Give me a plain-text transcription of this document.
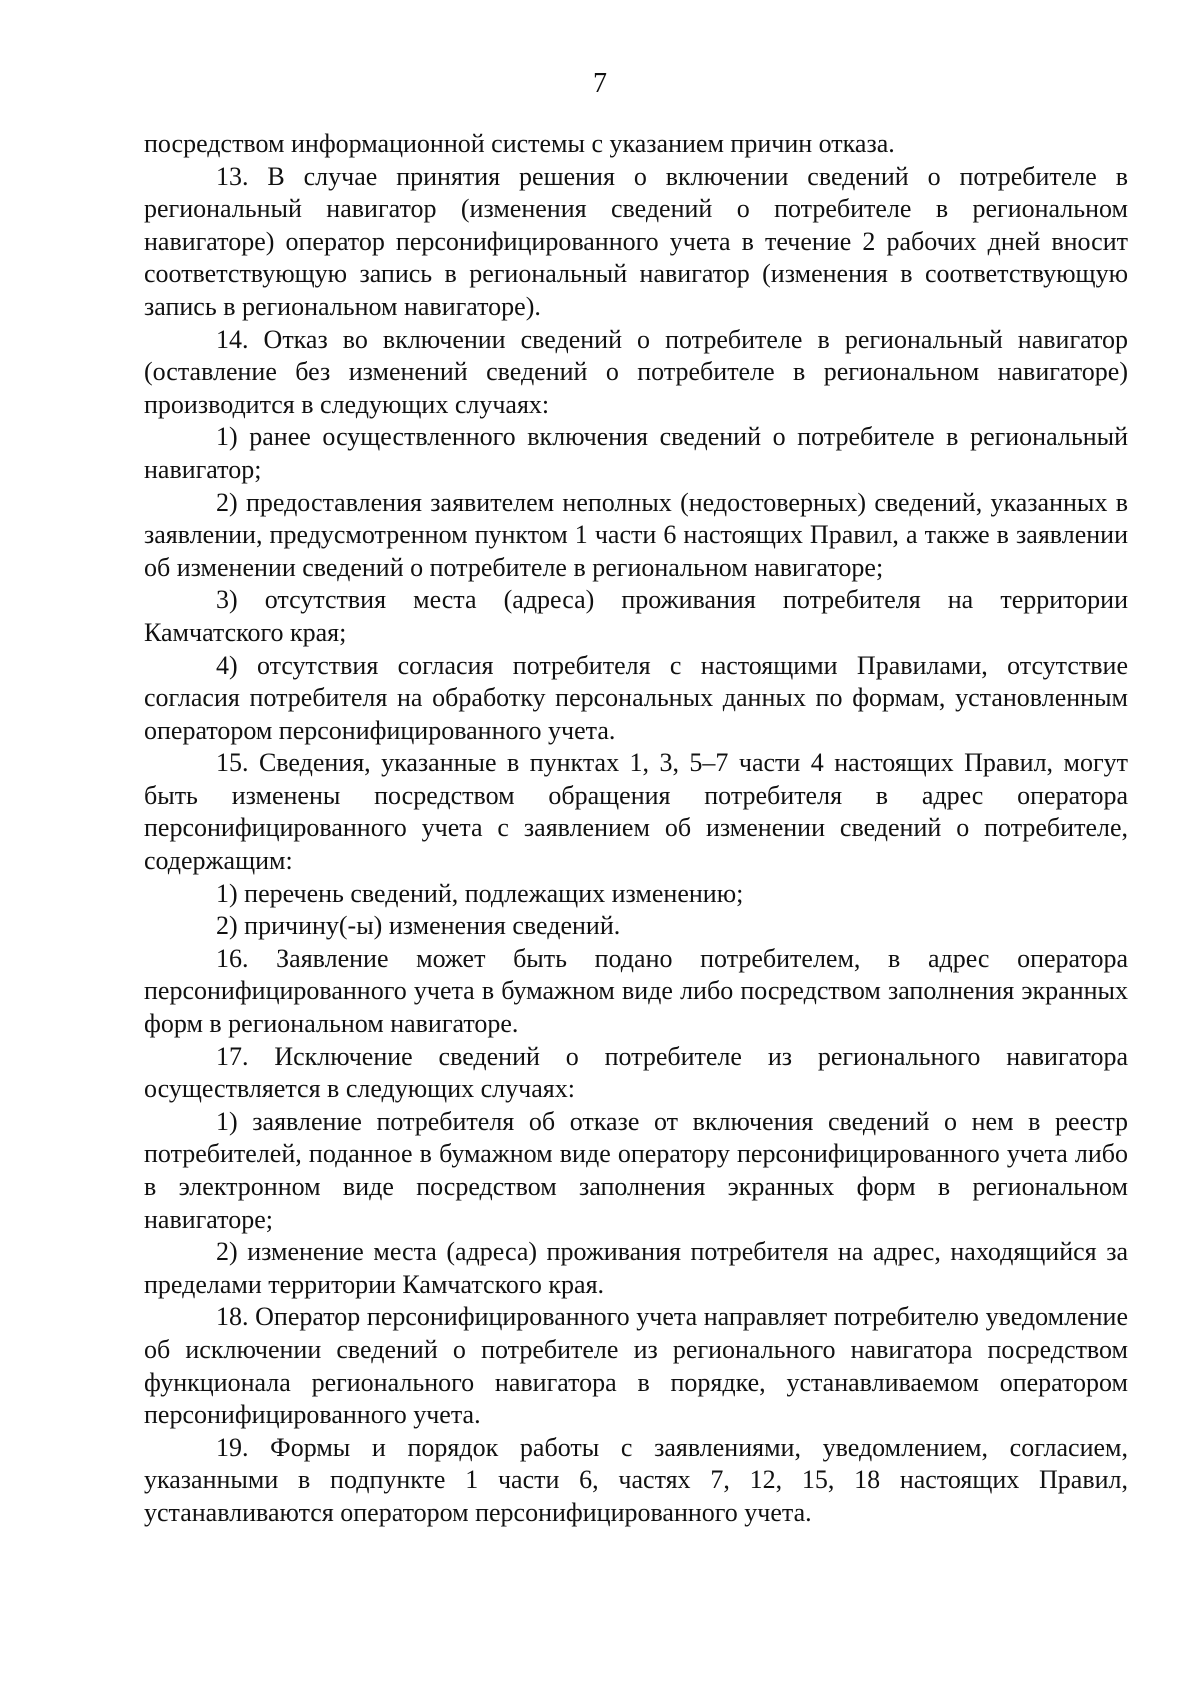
7

посредством информационной системы с указанием причин отказа.

13. В случае принятия решения о включении сведений о потребителе в региональный навигатор (изменения сведений о потребителе в региональном навигаторе) оператор персонифицированного учета в течение 2 рабочих дней вносит соответствующую запись в региональный навигатор (изменения в соответствующую запись в региональном навигаторе).

14. Отказ во включении сведений о потребителе в региональный навигатор (оставление без изменений сведений о потребителе в региональном навигаторе) производится в следующих случаях:

1) ранее осуществленного включения сведений о потребителе в региональный навигатор;

2) предоставления заявителем неполных (недостоверных) сведений, указанных в заявлении, предусмотренном пунктом 1 части 6 настоящих Правил, а также в заявлении об изменении сведений о потребителе в региональном навигаторе;

3) отсутствия места (адреса) проживания потребителя на территории Камчатского края;

4) отсутствия согласия потребителя с настоящими Правилами, отсутствие согласия потребителя на обработку персональных данных по формам, установленным оператором персонифицированного учета.

15. Сведения, указанные в пунктах 1, 3, 5–7 части 4 настоящих Правил, могут быть изменены посредством обращения потребителя в адрес оператора персонифицированного учета с заявлением об изменении сведений о потребителе, содержащим:

1) перечень сведений, подлежащих изменению;

2) причину(-ы) изменения сведений.

16. Заявление может быть подано потребителем, в адрес оператора персонифицированного учета в бумажном виде либо посредством заполнения экранных форм в региональном навигаторе.

17. Исключение сведений о потребителе из регионального навигатора осуществляется в следующих случаях:

1) заявление потребителя об отказе от включения сведений о нем в реестр потребителей, поданное в бумажном виде оператору персонифицированного учета либо в электронном виде посредством заполнения экранных форм в региональном навигаторе;

2) изменение места (адреса) проживания потребителя на адрес, находящийся за пределами территории Камчатского края.

18. Оператор персонифицированного учета направляет потребителю уведомление об исключении сведений о потребителе из регионального навигатора посредством функционала регионального навигатора в порядке, устанавливаемом оператором персонифицированного учета.

19. Формы и порядок работы с заявлениями, уведомлением, согласием, указанными в подпункте 1 части 6, частях 7, 12, 15, 18 настоящих Правил, устанавливаются оператором персонифицированного учета.
